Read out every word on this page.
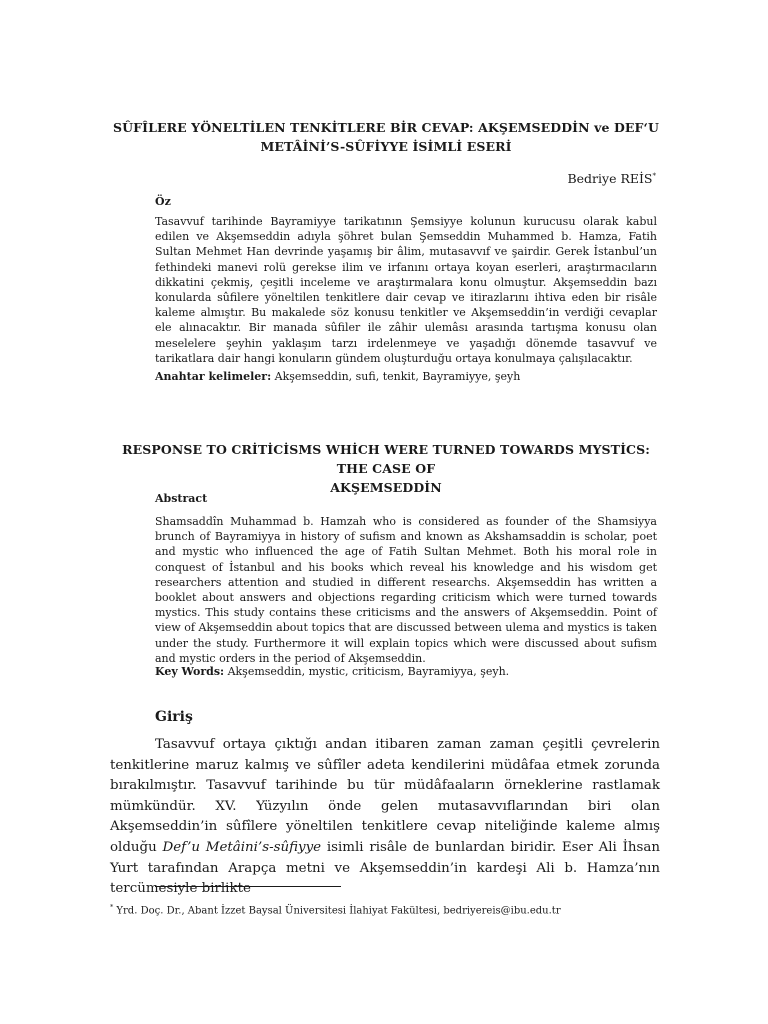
SÛFÎLERE YÖNELTİLEN TENKİTLERE BİR CEVAP: AKŞEMSEDDİN ve DEF‘U
METÂİNİ’S-SÛFİYYE İSİMLİ ESERİ
Bedriye REİS*
Öz

Tasavvuf tarihinde Bayramiyye tarikatının Şemsiyye kolunun kurucusu olarak kabul edilen ve Akşemseddin adıyla şöhret bulan Şemseddin Muhammed b. Hamza, Fatih Sultan Mehmet Han devrinde yaşamış bir âlim, mutasavvıf ve şairdir. Gerek İstanbul’un fethindeki manevi rolü gerekse ilim ve irfanını ortaya koyan eserleri, araştırmacıların dikkatini çekmiş, çeşitli inceleme ve araştırmalara konu olmuştur. Akşemseddin bazı konularda sûfilere yöneltilen tenkitlere dair cevap ve itirazlarını ihtiva eden bir risâle kaleme almıştır. Bu makalede söz konusu tenkitler ve Akşemseddin’in verdiği cevaplar ele alınacaktır. Bir manada sûfiler ile zâhir ulemâsı arasında tartışma konusu olan meselelere şeyhin yaklaşım tarzı irdelenmeye ve yaşadığı dönemde tasavvuf ve tarikatlara dair hangi konuların gündem oluşturduğu ortaya konulmaya çalışılacaktır.

Anahtar kelimeler: Akşemseddin, sufi, tenkit, Bayramiyye, şeyh
RESPONSE TO CRİTİCİSMS WHİCH WERE TURNED TOWARDS MYSTİCS: THE CASE OF
AKŞEMSEDDİN
Abstract

Shamsaddîn Muhammad b. Hamzah who is considered as founder of the Shamsiyya brunch of Bayramiyya in history of sufism and known as Akshamsaddin is scholar, poet and mystic who influenced the age of Fatih Sultan Mehmet. Both his moral role in conquest of İstanbul and his books which reveal his knowledge and his wisdom get researchers attention and studied in different researchs. Akşemseddin has written a booklet about answers and objections regarding criticism which were turned towards mystics. This study contains these criticisms and the answers of Akşemseddin. Point of view of Akşemseddin about topics that are discussed between ulema and mystics is taken under the study. Furthermore it will explain topics which were discussed about sufism and mystic orders in the period of Akşemseddin.

Key Words: Akşemseddin, mystic, criticism, Bayramiyya, şeyh.
Giriş

Tasavvuf ortaya çıktığı andan itibaren zaman zaman çeşitli çevrelerin tenkitlerine maruz kalmış ve sûfîler adeta kendilerini müdâfaa etmek zorunda bırakılmıştır. Tasavvuf tarihinde bu tür müdâfaaların örneklerine rastlamak mümkündür. XV. Yüzyılın önde gelen mutasavvıflarından biri olan Akşemseddin’in sûfîlere yöneltilen tenkitlere cevap niteliğinde kaleme almış olduğu Def’u Metâini’s-sûfiyye isimli risâle de bunlardan biridir. Eser Ali İhsan Yurt tarafından Arapça metni ve Akşemseddin’in kardeşi Ali b. Hamza’nın tercümesiyle birlikte

* Yrd. Doç. Dr., Abant İzzet Baysal Üniversitesi İlahiyat Fakültesi, bedriyereis@ibu.edu.tr
